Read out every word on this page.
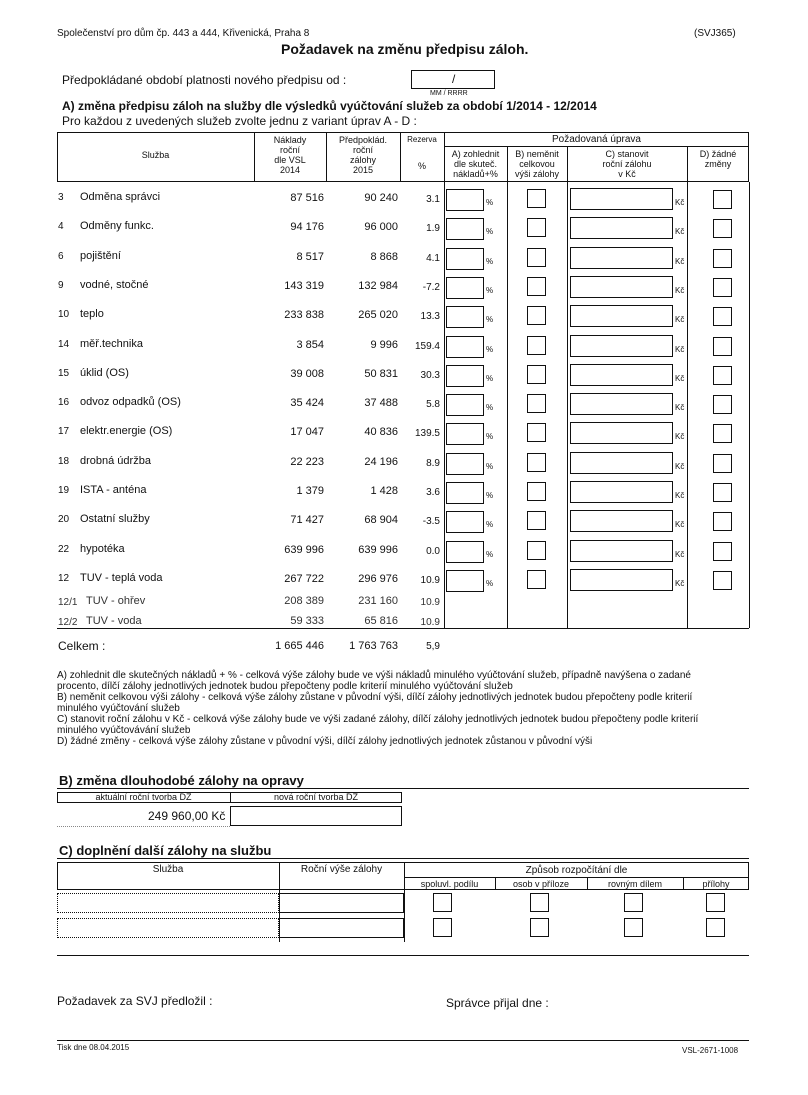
Společenství pro dům čp. 443 a 444, Křivenická, Praha 8	(SVJ365)
Požadavek na změnu předpisu záloh.
Předpokládané období platnosti nového předpisu od :	/
MM / RRRR
A) změna předpisu záloh na služby dle výsledků vyúčtování služeb za období 1/2014 - 12/2014
Pro každou z uvedených služeb zvolte jednu z variant úprav A - D :
Služba
Náklady
roční
dle VSL
2014
Předpoklád.
roční
zálohy
2015
Rezerva
%
Požadovaná úprava
A) zohlednit
dle skuteč.
nákladů+%
B) neměnit
celkovou
výši zálohy
C) stanovit
roční zálohu
v Kč
D) žádné
změny
3	Odměna správci	87 516	90 240	3.1	%	Kč
4	Odměny funkc.	94 176	96 000	1.9	%	Kč
6	pojištění	8 517	8 868	4.1	%	Kč
9	vodné, stočné	143 319	132 984	-7.2	%	Kč
10 teplo	233 838	265 020	13.3	%	Kč
14 měř.technika	3 854	9 996	159.4	%	Kč
15 úklid (OS)	39 008	50 831	30.3	%	Kč
16 odvoz odpadků (OS)	35 424	37 488	5.8	%	Kč
17 elektr.energie (OS)	17 047	40 836	139.5	%	Kč
18 drobná údržba	22 223	24 196	8.9	%	Kč
19 ISTA - anténa	1 379	1 428	3.6	%	Kč
20 Ostatní služby	71 427	68 904	-3.5	%	Kč
22 hypotéka	639 996	639 996	0.0	%	Kč
12 TUV - teplá voda	267 722	296 976	10.9	%	Kč
12/1 TUV - ohřev	208 389	231 160	10.9
12/2 TUV - voda	59 333	65 816	10.9
Celkem :	1 665 446	1 763 763	5,9

A) zohlednit dle skutečných nákladů + % - celková výše zálohy bude ve výši nákladů minulého vyúčtování služeb, případně navýšena o zadané

procento, dílčí zálohy jednotlivých jednotek budou přepočteny podle kriterií minulého vyúčtování služeb

B) neměnit celkovou výši zálohy - celková výše zálohy zůstane v původní výši, dílčí zálohy jednotlivých jednotek budou přepočteny podle kriterií

minulého vyúčtování služeb

C) stanovit roční zálohu v Kč - celková výše zálohy bude ve výši zadané zálohy, dílčí zálohy jednotlivých jednotek budou přepočteny podle kriterií

minulého vyúčtovávání služeb

D) žádné změny - celková výše zálohy zůstane v původní výši, dílčí zálohy jednotlivých jednotek zůstanou v původní výši

B) změna dlouhodobé zálohy na opravy
aktuální roční tvorba DZ	nová roční tvorba DZ
249 960,00 Kč
C) doplnění další zálohy na službu
Služba	Roční výše zálohy	Způsob rozpočítání dle
spoluvl. podílu	osob v příloze	rovným dílem	přílohy
Požadavek za SVJ předložil :	Správce přijal dne :
Tisk dne 08.04.2015	VSL-2671-1008
